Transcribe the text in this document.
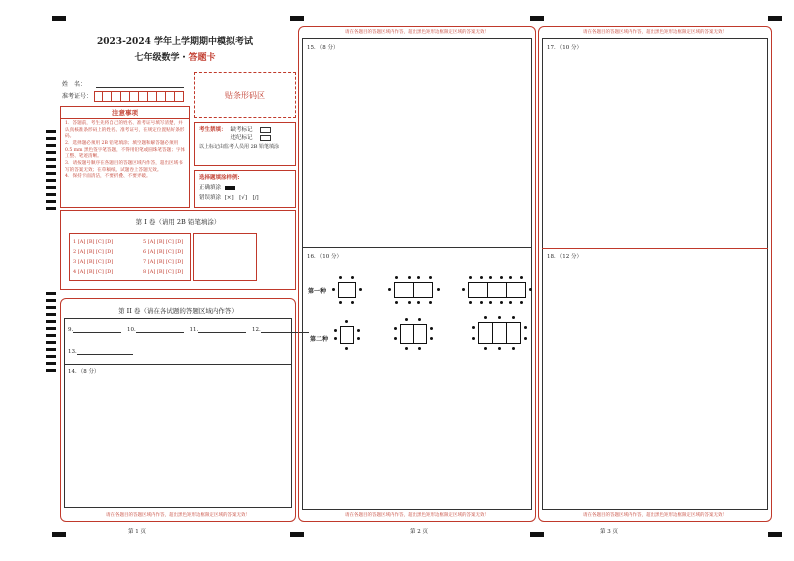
2023-2024 学年上学期期中模拟考试
七年级数学・答题卡
姓　名：
准考证号：	贴条形码区
注意事项
1．答题前，考生先将自己的姓名、准考证号填写清楚，并认真核准条形码上的姓名、准考证号，在规定位置贴好条形码。
2．选择题必须用 2B 铅笔填涂；填空题和解答题必须用 0.5 mm 黑色签字笔答题，不得用铅笔或圆珠笔答题；字体工整、笔迹清晰。
3．请按题号顺序在各题目的答题区域内作答，超出区域书写的答案无效；在草稿纸、试题卷上答题无效。
4．保持卡面清洁，不要折叠、不要弄破。
考生禁填： 缺考标记
违纪标记
以上标记由监考人员用 2B 铅笔填涂
选择题填涂样例:
正确填涂
错误填涂 [×]　[√]　[/]
第 I 卷（请用 2B 铅笔填涂）
1 [A] [B] [C] [D]
2 [A] [B] [C] [D]
3 [A] [B] [C] [D]
4 [A] [B] [C] [D]
5 [A] [B] [C] [D]
6 [A] [B] [C] [D]
7 [A] [B] [C] [D]
8 [A] [B] [C] [D]
第 II 卷（请在各试题的答题区域内作答）
9.	10.	11.	12.
13.
14．（8 分）
请在各题目的答题区域内作答，超出黑色矩形边框限定区域的答案无效！
第 1 页
请在各题目的答题区域内作答，超出黑色矩形边框限定区域的答案无效！
15．（8 分）
16．（10 分）
第一种
第二种
请在各题目的答题区域内作答，超出黑色矩形边框限定区域的答案无效！
第 2 页
请在各题目的答题区域内作答，超出黑色矩形边框限定区域的答案无效！
17．（10 分）
18．（12 分）
请在各题目的答题区域内作答，超出黑色矩形边框限定区域的答案无效！
第 3 页
